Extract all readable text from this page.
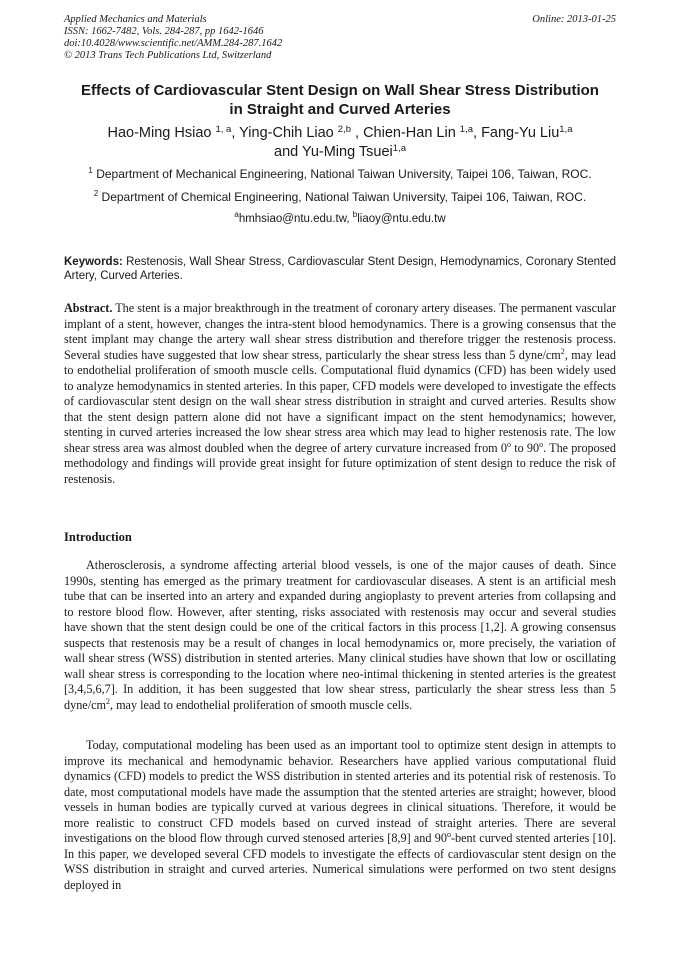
Applied Mechanics and Materials
ISSN: 1662-7482, Vols. 284-287, pp 1642-1646
doi:10.4028/www.scientific.net/AMM.284-287.1642
© 2013 Trans Tech Publications Ltd, Switzerland
Online: 2013-01-25
Effects of Cardiovascular Stent Design on Wall Shear Stress Distribution
in Straight and Curved Arteries
Hao-Ming Hsiao $^{1, a}$, Ying-Chih Liao $^{2,b}$ , Chien-Han Lin $^{1,a}$, Fang-Yu Liu$^{1,a}$
and Yu-Ming Tsuei$^{1,a}$
$^1$ Department of Mechanical Engineering, National Taiwan University, Taipei 106, Taiwan, ROC.
$^2$ Department of Chemical Engineering, National Taiwan University, Taipei 106, Taiwan, ROC.
$^a$hmhsiao@ntu.edu.tw, $^b$liaoy@ntu.edu.tw
Keywords: Restenosis, Wall Shear Stress, Cardiovascular Stent Design, Hemodynamics, Coronary Stented Artery, Curved Arteries.
Abstract. The stent is a major breakthrough in the treatment of coronary artery diseases. The permanent vascular implant of a stent, however, changes the intra-stent blood hemodynamics. There is a growing consensus that the stent implant may change the artery wall shear stress distribution and therefore trigger the restenosis process. Several studies have suggested that low shear stress, particularly the shear stress less than 5 dyne/$cm^2$, may lead to endothelial proliferation of smooth muscle cells. Computational fluid dynamics (CFD) has been widely used to analyze hemodynamics in stented arteries. In this paper, CFD models were developed to investigate the effects of cardiovascular stent design on the wall shear stress distribution in straight and curved arteries. Results show that the stent design pattern alone did not have a significant impact on the stent hemodynamics; however, stenting in curved arteries increased the low shear stress area which may lead to higher restenosis rate. The low shear stress area was almost doubled when the degree of artery curvature increased from 0$^o$ to 90$^o$. The proposed methodology and findings will provide great insight for future optimization of stent design to reduce the risk of restenosis.
Introduction
Atherosclerosis, a syndrome affecting arterial blood vessels, is one of the major causes of death. Since 1990s, stenting has emerged as the primary treatment for cardiovascular diseases. A stent is an artificial mesh tube that can be inserted into an artery and expanded during angioplasty to prevent arteries from collapsing and to restore blood flow. However, after stenting, risks associated with restenosis may occur and several studies have shown that the stent design could be one of the critical factors in this process [1,2]. A growing consensus suspects that restenosis may be a result of changes in local hemodynamics or, more precisely, the variation of wall shear stress (WSS) distribution in stented arteries. Many clinical studies have shown that low or oscillating wall shear stress is corresponding to the location where neo-intimal thickening in stented arteries is the greatest [3,4,5,6,7]. In addition, it has been suggested that low shear stress, particularly the shear stress less than 5 dyne/$cm^2$, may lead to endothelial proliferation of smooth muscle cells.
Today, computational modeling has been used as an important tool to optimize stent design in attempts to improve its mechanical and hemodynamic behavior. Researchers have applied various computational fluid dynamics (CFD) models to predict the WSS distribution in stented arteries and its potential risk of restenosis. To date, most computational models have made the assumption that the stented arteries are straight; however, blood vessels in human bodies are typically curved at various degrees in clinical situations. Therefore, it would be more realistic to construct CFD models based on curved instead of straight arteries. There are several investigations on the blood flow through curved stenosed arteries [8,9] and 90$^o$-bent curved stented arteries [10]. In this paper, we developed several CFD models to investigate the effects of cardiovascular stent design on the WSS distribution in straight and curved arteries. Numerical simulations were performed on two stent designs deployed in
